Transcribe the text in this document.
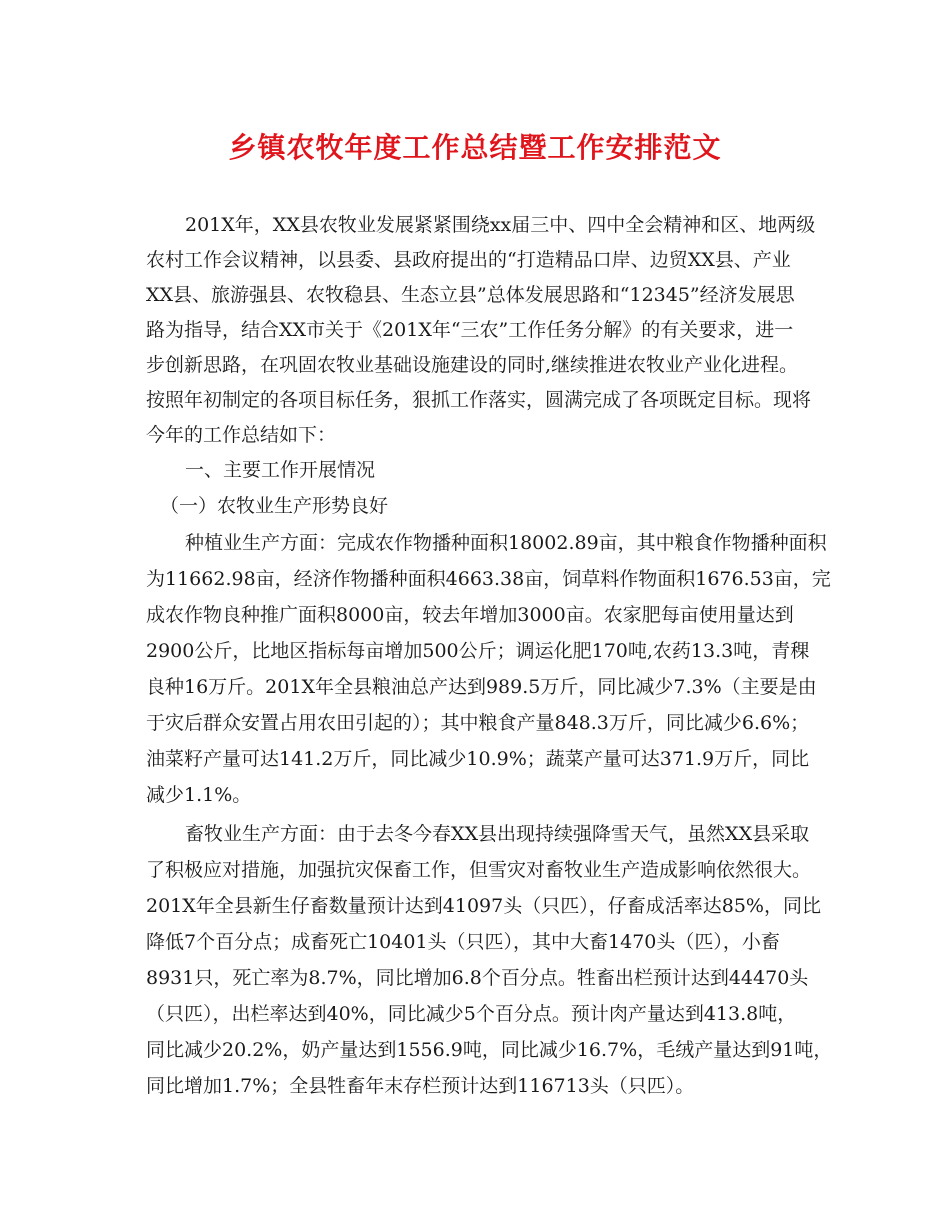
乡镇农牧年度工作总结暨工作安排范文

201X年，XX县农牧业发展紧紧围绕xx届三中、四中全会精神和区、地两级

农村工作会议精神，以县委、县政府提出的“打造精品口岸、边贸XX县、产业

XX县、旅游强县、农牧稳县、生态立县”总体发展思路和“12345”经济发展思

路为指导，结合XX市关于《201X年“三农”工作任务分解》的有关要求，进一

步创新思路，在巩固农牧业基础设施建设的同时,继续推进农牧业产业化进程。

按照年初制定的各项目标任务，狠抓工作落实，圆满完成了各项既定目标。现将

今年的工作总结如下：

一、主要工作开展情况

（一）农牧业生产形势良好

种植业生产方面：完成农作物播种面积18002.89亩，其中粮食作物播种面积

为11662.98亩，经济作物播种面积4663.38亩，饲草料作物面积1676.53亩，完

成农作物良种推广面积8000亩，较去年增加3000亩。农家肥每亩使用量达到

2900公斤，比地区指标每亩增加500公斤；调运化肥170吨,农药13.3吨，青稞

良种16万斤。201X年全县粮油总产达到989.5万斤，同比减少7.3%（主要是由

于灾后群众安置占用农田引起的）；其中粮食产量848.3万斤，同比减少6.6%；

油菜籽产量可达141.2万斤，同比减少10.9%；蔬菜产量可达371.9万斤，同比

减少1.1%。

畜牧业生产方面：由于去冬今春XX县出现持续强降雪天气，虽然XX县采取

了积极应对措施，加强抗灾保畜工作，但雪灾对畜牧业生产造成影响依然很大。

201X年全县新生仔畜数量预计达到41097头（只匹），仔畜成活率达85%，同比

降低7个百分点；成畜死亡10401头（只匹），其中大畜1470头（匹），小畜

8931只，死亡率为8.7%，同比增加6.8个百分点。牲畜出栏预计达到44470头

（只匹），出栏率达到40%，同比减少5个百分点。预计肉产量达到413.8吨，

同比减少20.2%，奶产量达到1556.9吨，同比减少16.7%，毛绒产量达到91吨，

同比增加1.7%；全县牲畜年末存栏预计达到116713头（只匹）。
